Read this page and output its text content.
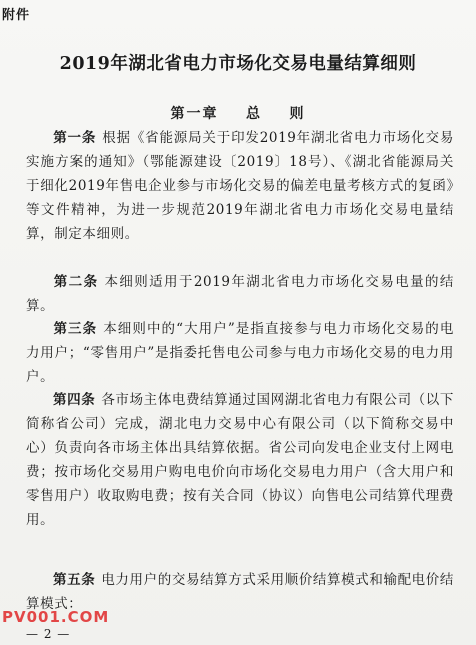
附件
2019年湖北省电力市场化交易电量结算细则
第一章    总    则
第一条 根据《省能源局关于印发2019年湖北省电力市场化交易实施方案的通知》（鄂能源建设〔2019〕18号）、《湖北省能源局关于细化2019年售电企业参与市场化交易的偏差电量考核方式的复函》等文件精神，为进一步规范2019年湖北省电力市场化交易电量结算，制定本细则。
第二条 本细则适用于2019年湖北省电力市场化交易电量的结算。
第三条 本细则中的“大用户”是指直接参与电力市场化交易的电力用户；“零售用户”是指委托售电公司参与电力市场化交易的电力用户。
第四条 各市场主体电费结算通过国网湖北省电力有限公司（以下简称省公司）完成，湖北电力交易中心有限公司（以下简称交易中心）负责向各市场主体出具结算依据。省公司向发电企业支付上网电费；按市场化交易用户购电电价向市场化交易电力用户（含大用户和零售用户）收取购电费；按有关合同（协议）向售电公司结算代理费用。
第五条 电力用户的交易结算方式采用顺价结算模式和输配电价结算模式：
PV001.COM
— 2 —
